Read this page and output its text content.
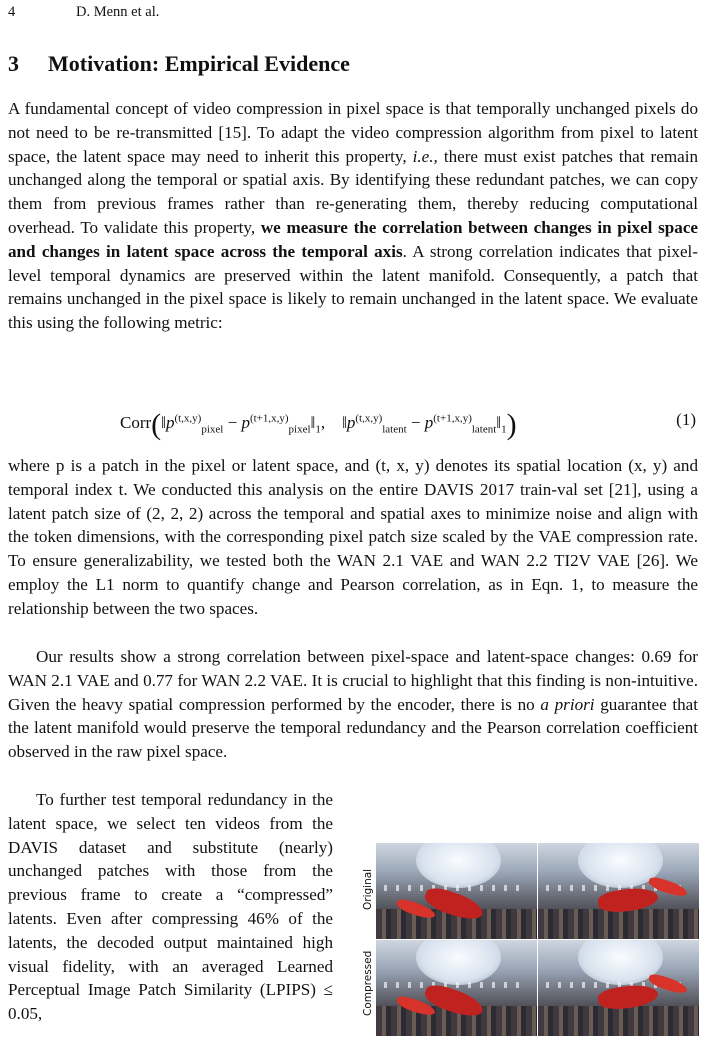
4	D. Menn et al.
3 Motivation: Empirical Evidence
A fundamental concept of video compression in pixel space is that temporally unchanged pixels do not need to be re-transmitted [15]. To adapt the video compression algorithm from pixel to latent space, the latent space may need to inherit this property, i.e., there must exist patches that remain unchanged along the temporal or spatial axis. By identifying these redundant patches, we can copy them from previous frames rather than re-generating them, thereby reducing computational overhead. To validate this property, we measure the correlation between changes in pixel space and changes in latent space across the temporal axis. A strong correlation indicates that pixel-level temporal dynamics are preserved within the latent manifold. Consequently, a patch that remains unchanged in the pixel space is likely to remain unchanged in the latent space. We evaluate this using the following metric:
$Corr(‖p^{(t,x,y)}_{pixel}$ − $p^{(t+1,x,y)}_{pixel}‖_1$,    $‖p^{(t,x,y)}_{latent}$ − $p^{(t+1,x,y)}_{latent}‖_1$)	(1)
where p is a patch in the pixel or latent space, and (t, x, y) denotes its spatial location (x, y) and temporal index t. We conducted this analysis on the entire DAVIS 2017 train-val set [21], using a latent patch size of (2, 2, 2) across the temporal and spatial axes to minimize noise and align with the token dimensions, with the corresponding pixel patch size scaled by the VAE compression rate. To ensure generalizability, we tested both the WAN 2.1 VAE and WAN 2.2 TI2V VAE [26]. We employ the L1 norm to quantify change and Pearson correlation, as in Eqn. 1, to measure the relationship between the two spaces.
Our results show a strong correlation between pixel-space and latent-space changes: 0.69 for WAN 2.1 VAE and 0.77 for WAN 2.2 VAE. It is crucial to highlight that this finding is non-intuitive. Given the heavy spatial compression performed by the encoder, there is no a priori guarantee that the latent manifold would preserve the temporal redundancy and the Pearson correlation coefficient observed in the raw pixel space.
To further test temporal redundancy in the latent space, we select ten videos from the DAVIS dataset and substitute (nearly) unchanged patches with those from the previous frame to create a “compressed” latents. Even after compressing 46% of the latents, the decoded output maintained high visual fidelity, with an averaged Learned Perceptual Image Patch Similarity (LPIPS) ≤ 0.05,
Original
Compressed
